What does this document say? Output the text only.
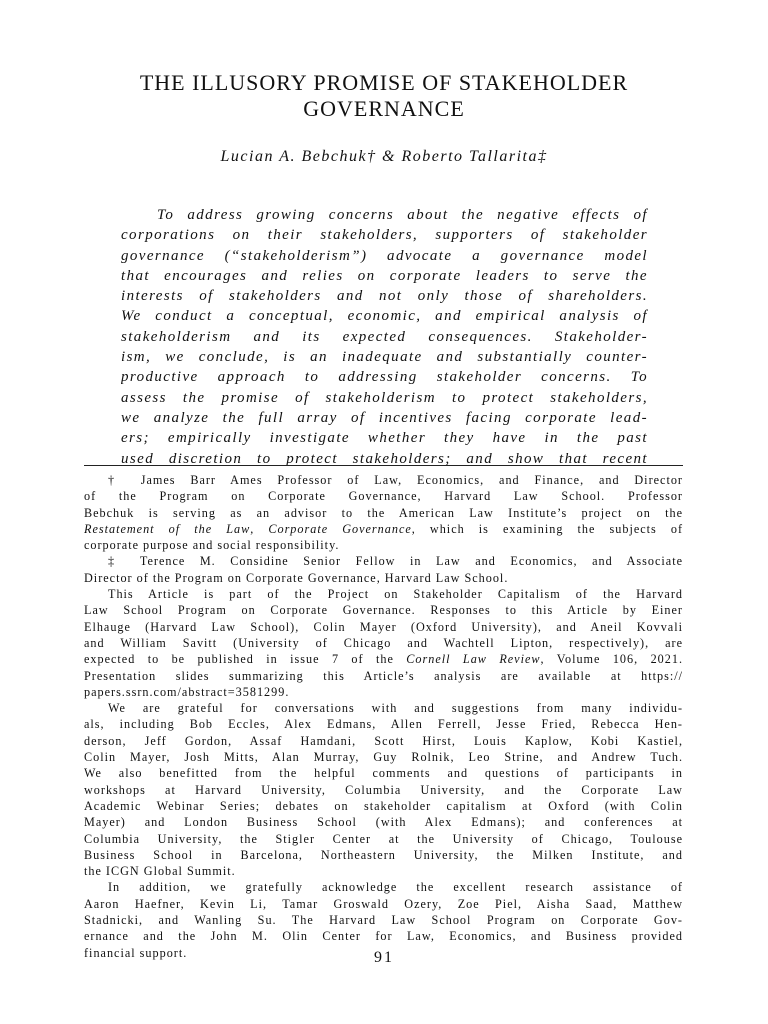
THE ILLUSORY PROMISE OF STAKEHOLDER
GOVERNANCE

Lucian A. Bebchuk† & Roberto Tallarita‡

To address growing concerns about the negative effects of
corporations on their stakeholders, supporters of stakeholder
governance (“stakeholderism”) advocate a governance model
that encourages and relies on corporate leaders to serve the
interests of stakeholders and not only those of shareholders.
We conduct a conceptual, economic, and empirical analysis of
stakeholderism and its expected consequences. Stakeholder-
ism, we conclude, is an inadequate and substantially counter-
productive approach to addressing stakeholder concerns. To
assess the promise of stakeholderism to protect stakeholders,
we analyze the full array of incentives facing corporate lead-
ers; empirically investigate whether they have in the past
used discretion to protect stakeholders; and show that recent
† James Barr Ames Professor of Law, Economics, and Finance, and Director
of the Program on Corporate Governance, Harvard Law School. Professor
Bebchuk is serving as an advisor to the American Law Institute’s project on the
Restatement of the Law, Corporate Governance, which is examining the subjects of
corporate purpose and social responsibility.
‡ Terence M. Considine Senior Fellow in Law and Economics, and Associate
Director of the Program on Corporate Governance, Harvard Law School.
This Article is part of the Project on Stakeholder Capitalism of the Harvard
Law School Program on Corporate Governance. Responses to this Article by Einer
Elhauge (Harvard Law School), Colin Mayer (Oxford University), and Aneil Kovvali
and William Savitt (University of Chicago and Wachtell Lipton, respectively), are
expected to be published in issue 7 of the Cornell Law Review, Volume 106, 2021.
Presentation slides summarizing this Article’s analysis are available at https://
papers.ssrn.com/abstract=3581299.
We are grateful for conversations with and suggestions from many individu-
als, including Bob Eccles, Alex Edmans, Allen Ferrell, Jesse Fried, Rebecca Hen-
derson, Jeff Gordon, Assaf Hamdani, Scott Hirst, Louis Kaplow, Kobi Kastiel,
Colin Mayer, Josh Mitts, Alan Murray, Guy Rolnik, Leo Strine, and Andrew Tuch.
We also benefitted from the helpful comments and questions of participants in
workshops at Harvard University, Columbia University, and the Corporate Law
Academic Webinar Series; debates on stakeholder capitalism at Oxford (with Colin
Mayer) and London Business School (with Alex Edmans); and conferences at
Columbia University, the Stigler Center at the University of Chicago, Toulouse
Business School in Barcelona, Northeastern University, the Milken Institute, and
the ICGN Global Summit.
In addition, we gratefully acknowledge the excellent research assistance of
Aaron Haefner, Kevin Li, Tamar Groswald Ozery, Zoe Piel, Aisha Saad, Matthew
Stadnicki, and Wanling Su. The Harvard Law School Program on Corporate Gov-
ernance and the John M. Olin Center for Law, Economics, and Business provided
financial support.	91
